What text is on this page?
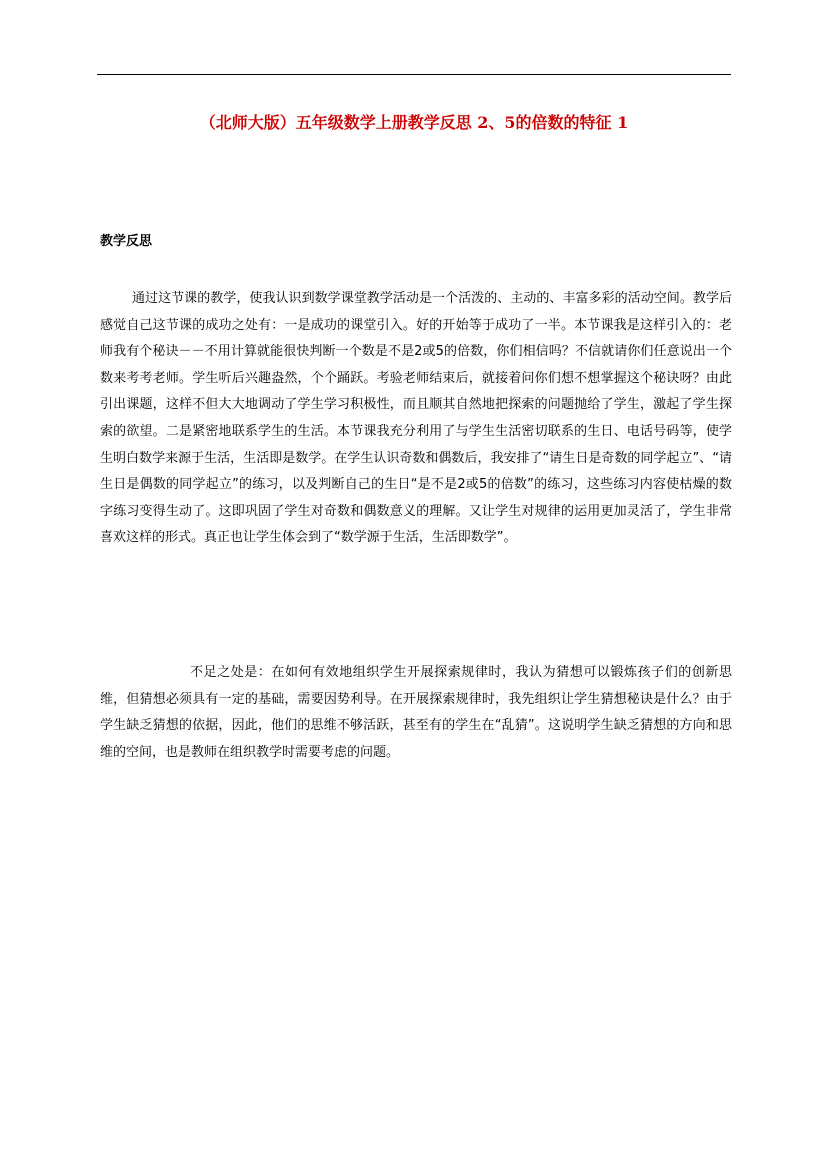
（北师大版）五年级数学上册教学反思 2、5的倍数的特征 1
教学反思

通过这节课的教学，使我认识到数学课堂教学活动是一个活泼的、主动的、丰富多彩的活动空间。教学后感觉自己这节课的成功之处有：一是成功的课堂引入。好的开始等于成功了一半。本节课我是这样引入的：老师我有个秘诀－－不用计算就能很快判断一个数是不是2或5的倍数，你们相信吗？不信就请你们任意说出一个数来考考老师。学生听后兴趣盎然，个个踊跃。考验老师结束后，就接着问你们想不想掌握这个秘诀呀？由此引出课题，这样不但大大地调动了学生学习积极性，而且顺其自然地把探索的问题抛给了学生，激起了学生探索的欲望。二是紧密地联系学生的生活。本节课我充分利用了与学生生活密切联系的生日、电话号码等，使学生明白数学来源于生活，生活即是数学。在学生认识奇数和偶数后，我安排了“请生日是奇数的同学起立”、“请生日是偶数的同学起立”的练习，以及判断自己的生日“是不是2或5的倍数”的练习，这些练习内容使枯燥的数字练习变得生动了。这即巩固了学生对奇数和偶数意义的理解。又让学生对规律的运用更加灵活了，学生非常喜欢这样的形式。真正也让学生体会到了“数学源于生活，生活即数学”。

不足之处是：在如何有效地组织学生开展探索规律时，我认为猜想可以锻炼孩子们的创新思维，但猜想必须具有一定的基础，需要因势利导。在开展探索规律时，我先组织让学生猜想秘诀是什么？由于学生缺乏猜想的依据，因此，他们的思维不够活跃，甚至有的学生在“乱猜”。这说明学生缺乏猜想的方向和思维的空间，也是教师在组织教学时需要考虑的问题。
